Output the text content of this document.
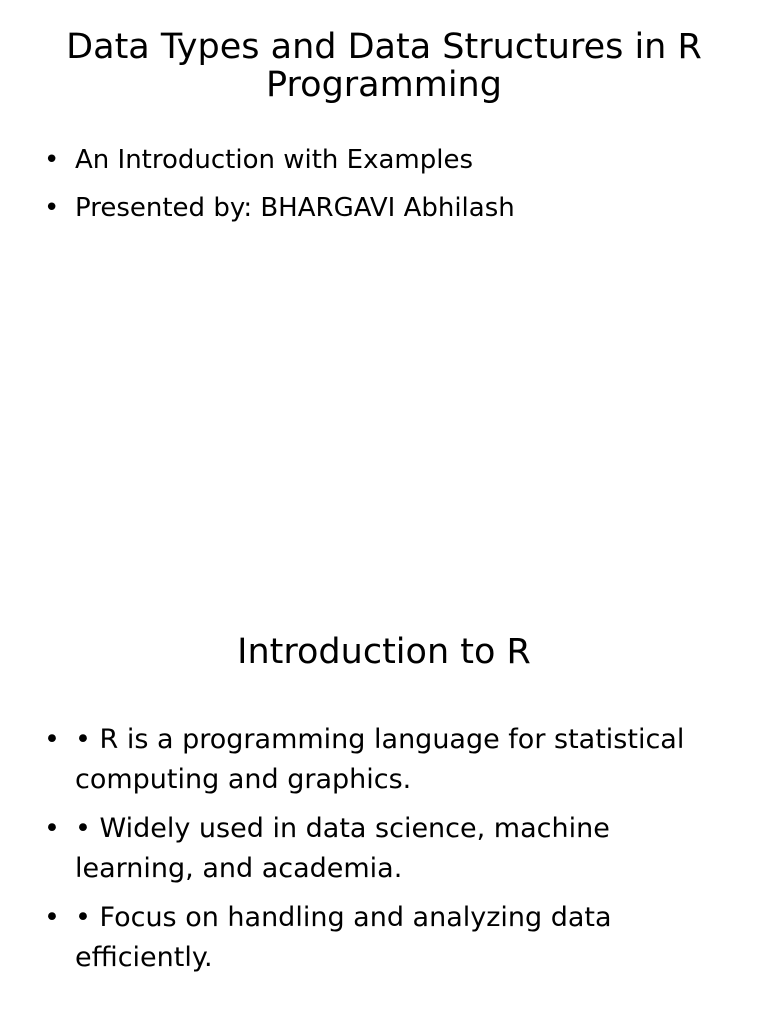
Data Types and Data Structures in R Programming
• An Introduction with Examples
• Presented by: BHARGAVI Abhilash
Introduction to R
• • R is a programming language for statistical computing and graphics.
• • Widely used in data science, machine learning, and academia.
• • Focus on handling and analyzing data efficiently.
